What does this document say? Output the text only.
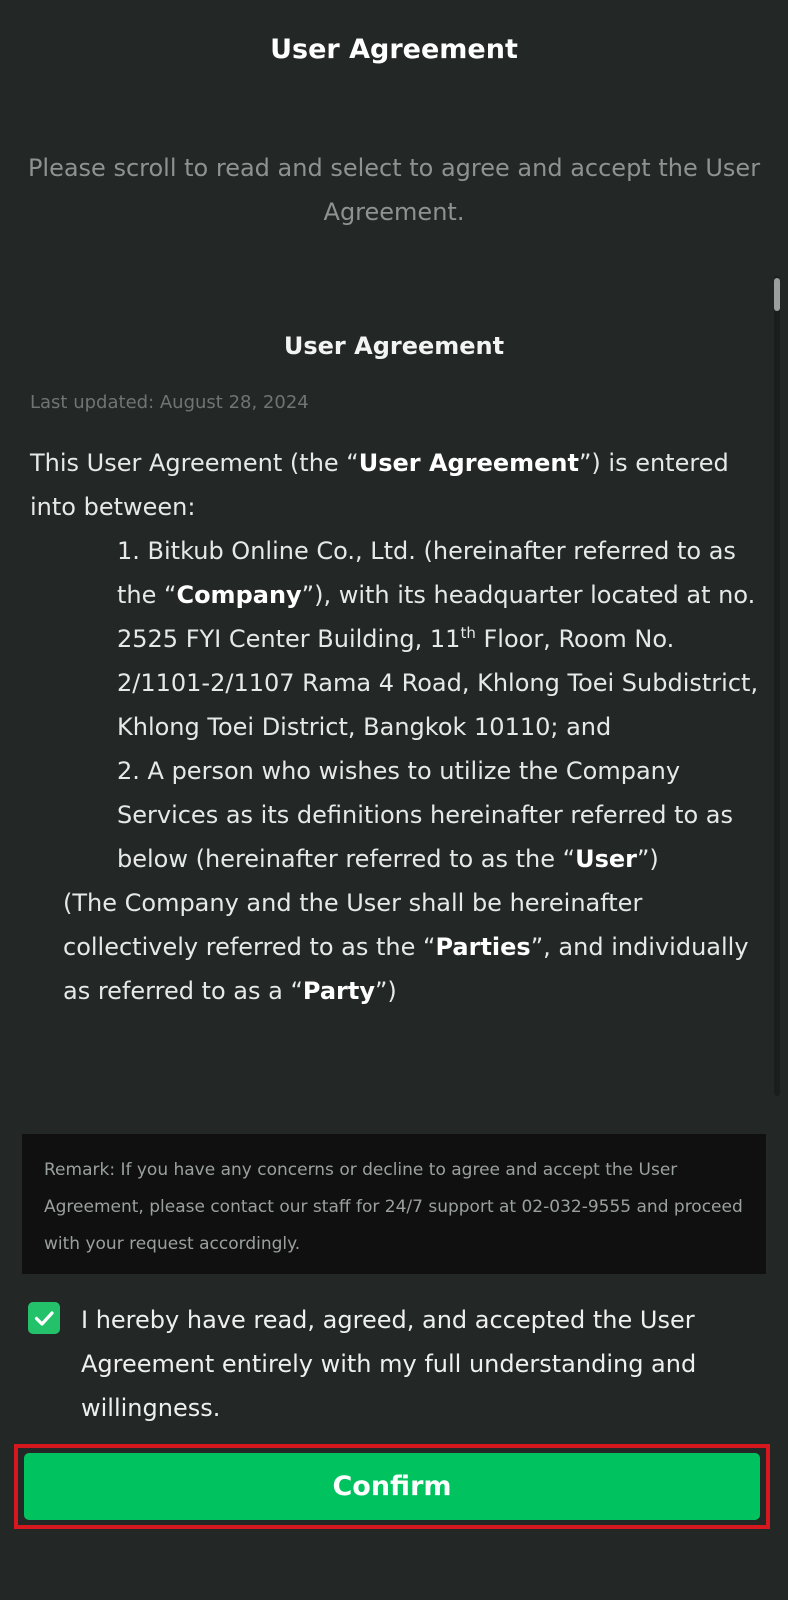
User Agreement
Please scroll to read and select to agree and accept the User Agreement.
User Agreement
Last updated: August 28, 2024

This User Agreement (the “User Agreement”) is entered into between:

1. Bitkub Online Co., Ltd. (hereinafter referred to as the “Company”), with its headquarter located at no. 2525 FYI Center Building, 11th Floor, Room No. 2/1101-2/1107 Rama 4 Road, Khlong Toei Subdistrict, Khlong Toei District, Bangkok 10110; and

2. A person who wishes to utilize the Company Services as its definitions hereinafter referred to as below (hereinafter referred to as the “User”)

(The Company and the User shall be hereinafter collectively referred to as the “Parties”, and individually as referred to as a “Party”)

Remark: If you have any concerns or decline to agree and accept the User Agreement, please contact our staff for 24/7 support at 02-032-9555 and proceed with your request accordingly.
I hereby have read, agreed, and accepted the User Agreement entirely with my full understanding and willingness.
Confirm
